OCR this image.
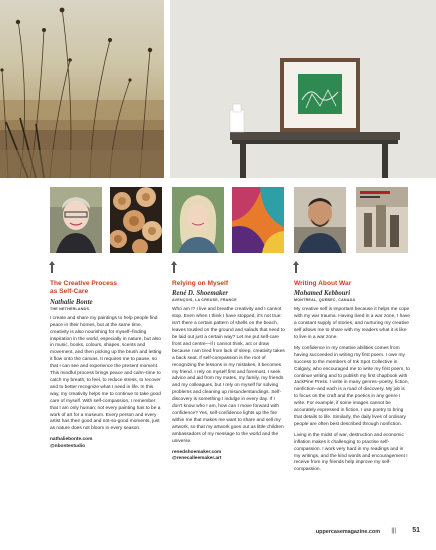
The Creative Process
as Self-Care
Nathalie Bonte
THE NETHERLANDS

I create and share my paintings to help people find peace in their homes, but at the same time, creativity is also nourishing for myself–finding inspiration in the world, especially in nature, but also in music, books, colours, shapes, scents and movement, and then picking up the brush and letting it flow onto the canvas. It requires me to pause, so that I can see and experience the present moment. This mindful process brings peace and calm–time to catch my breath, to feel, to reduce stress, to recover and to better recognize what I need in life. In this way, my creativity helps me to continue to take good care of myself. With self-compassion, I remember that I am only human; not every painting has to be a work of art for a museum. Every person and every artist has their good and not-so-good moments, just as nature does not bloom in every season.

nathaliebonte.com
@nbontestudio
Relying on Myself
René D. Shoemaker
AVENÇOIS, LA CREUSE, FRANCE

Who am I? I live and breathe creativity and I cannot stop. Even when I think I have stopped, it's not true: isn't there a certain pattern of shells on the beach, leaves tousled on the ground and salads that need to be laid out just a certain way? Let me put self-care front and centre—if I cannot think, act or draw because I am tired from lack of sleep, creativity takes a back seat. If self-compassion is the root of recognizing the lessons in my mistakes, it becomes my friend. I rely on myself first and foremost. I seek advice and aid from my mates, my family, my friends and my colleagues, but I rely on myself for solving problems and cleaning up misunderstandings. Self-discovery is something I indulge in every day. If I don't know who I am, how can I move forward with confidence? Yes, self-confidence lights up the fire within me that makes me want to share and sell my artwork, so that my artwork goes out as little children ambassadors of my message to the world and the universe.

renedshoemaker.com
@renecalleemaker.art
Writing About War
Mohamed Kebbouri
MONTREAL, QUEBEC, CANADA

My creative self is important because it helps me cope with my war trauma. Having lived in a war zone, I have a constant supply of stories, and nurturing my creative self allows me to share with my readers what it is like to live in a war zone.

My confidence in my creative abilities comes from having succeeded in writing my first poem. I owe my success to the members of Ink Spot Collective in Calgary, who encouraged me to write my first poem, to continue writing and to publish my first chapbook with JackPine Press. I write in many genres–poetry, fiction, nonfiction–and each is a road of discovery. My job is to focus on the craft and the poetics in any genre I write. For example, if some images cannot be accurately expressed in fiction, I use poetry to bring that details to life. Similarly, the daily lives of ordinary people are often best described through nonfiction.

Living in the midst of war, destruction and economic inflation makes it challenging to practise self-compassion. I work very hard in my readings and in my writings, and the kind words and encouragement I receive from my friends help improve my self-compassion.

uppercasemagazine.com ||| 51
